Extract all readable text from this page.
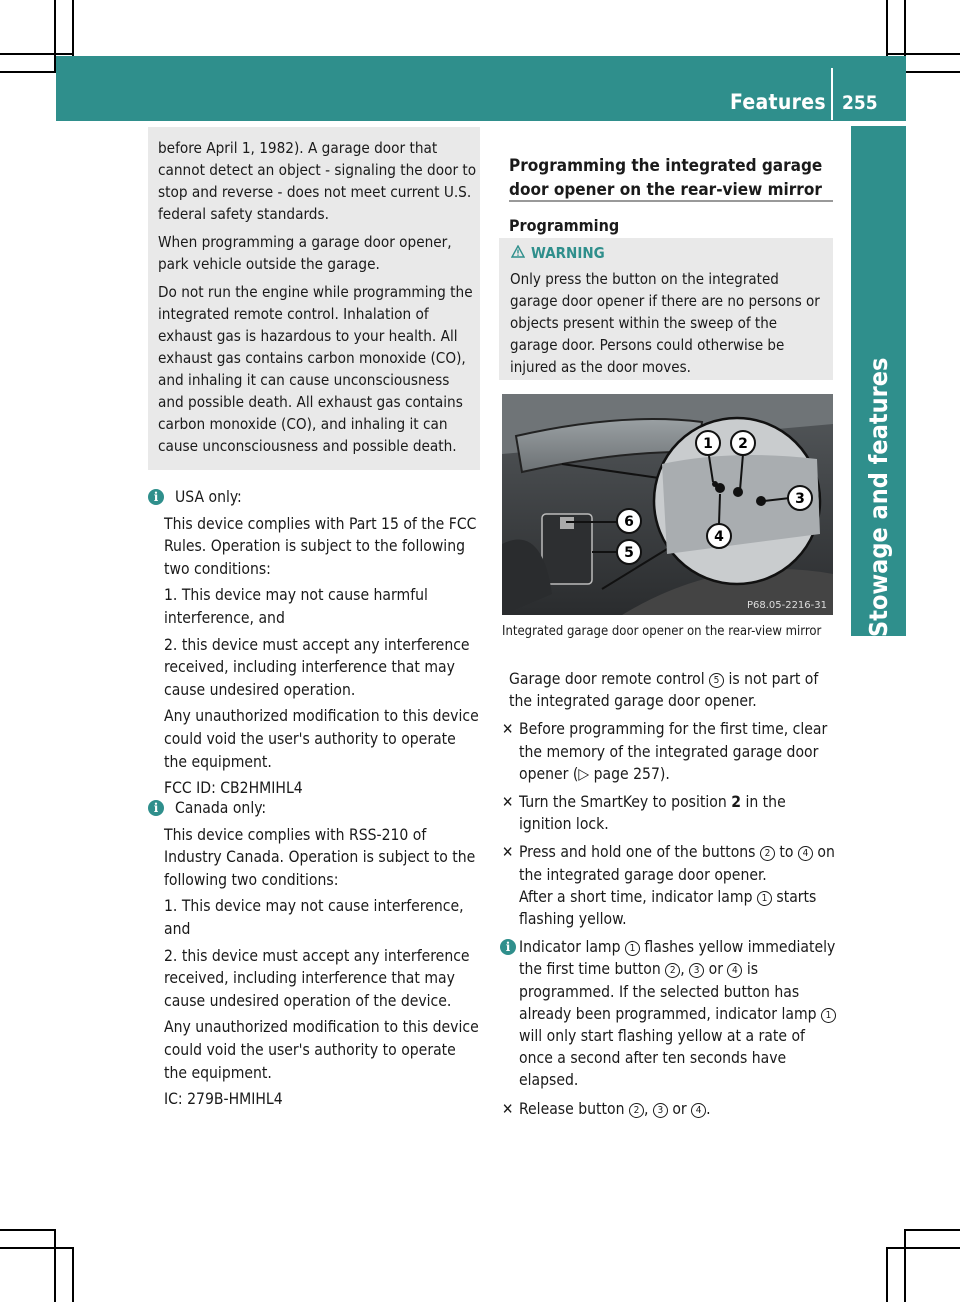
Features 255
Stowage and features

before April 1, 1982). A garage door that cannot detect an object - signaling the door to stop and reverse - does not meet current U.S. federal safety standards.

When programming a garage door opener, park vehicle outside the garage.

Do not run the engine while programming the integrated remote control. Inhalation of exhaust gas is hazardous to your health. All exhaust gas contains carbon monoxide (CO), and inhaling it can cause unconsciousness and possible death. All exhaust gas contains carbon monoxide (CO), and inhaling it can cause unconsciousness and possible death.

i	USA only:

This device complies with Part 15 of the FCC Rules. Operation is subject to the following two conditions:

1. This device may not cause harmful interference, and

2. this device must accept any interference received, including interference that may cause undesired operation.

Any unauthorized modification to this device could void the user's authority to operate the equipment.

FCC ID: CB2HMIHL4

i	Canada only:

This device complies with RSS-210 of Industry Canada. Operation is subject to the following two conditions:

1. This device may not cause interference, and

2. this device must accept any interference received, including interference that may cause undesired operation of the device.

Any unauthorized modification to this device could void the user's authority to operate the equipment.

IC: 279B-HMIHL4

Programming the integrated garage door opener on the rear-view mirror
Programming
WARNING
Only press the button on the integrated garage door opener if there are no persons or objects present within the sweep of the garage door. Persons could otherwise be injured as the door moves.
1 2
3
4
5
6
P68.05-2216-31
Integrated garage door opener on the rear-view mirror

Garage door remote control 5 is not part of the integrated garage door opener.

✕ Before programming for the first time, clear the memory of the integrated garage door opener (▷ page 257).
✕ Turn the SmartKey to position 2 in the ignition lock.
✕ Press and hold one of the buttons 2 to 4 on the integrated garage door opener.
After a short time, indicator lamp 1 starts flashing yellow.
i Indicator lamp 1 flashes yellow immediately the first time button 2 , 3 or 4 is programmed. If the selected button has already been programmed, indicator lamp 1 will only start flashing yellow at a rate of once a second after ten seconds have elapsed.
✕ Release button 2 , 3 or 4 .
